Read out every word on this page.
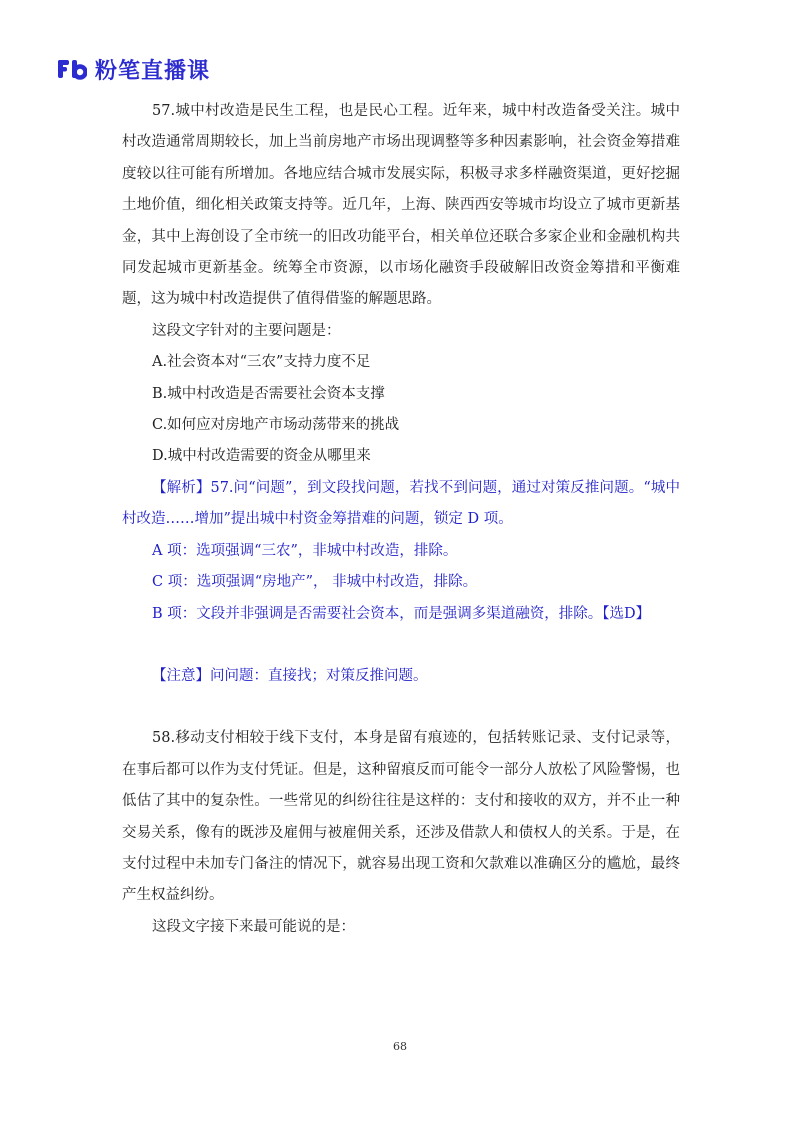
粉笔直播课

57.城中村改造是民生工程，也是民心工程。近年来，城中村改造备受关注。城中村改造通常周期较长，加上当前房地产市场出现调整等多种因素影响，社会资金筹措难度较以往可能有所增加。各地应结合城市发展实际，积极寻求多样融资渠道，更好挖掘土地价值，细化相关政策支持等。近几年，上海、陕西西安等城市均设立了城市更新基金，其中上海创设了全市统一的旧改功能平台，相关单位还联合多家企业和金融机构共同发起城市更新基金。统筹全市资源，以市场化融资手段破解旧改资金筹措和平衡难题，这为城中村改造提供了值得借鉴的解题思路。

这段文字针对的主要问题是：

A.社会资本对“三农”支持力度不足

B.城中村改造是否需要社会资本支撑

C.如何应对房地产市场动荡带来的挑战

D.城中村改造需要的资金从哪里来

【解析】57.问“问题”，到文段找问题，若找不到问题，通过对策反推问题。“城中村改造……增加”提出城中村资金筹措难的问题，锁定 D 项。

A 项：选项强调“三农”，非城中村改造，排除。

C 项：选项强调“房地产”， 非城中村改造，排除。

B 项：文段并非强调是否需要社会资本，而是强调多渠道融资，排除。【选D】

【注意】问问题：直接找；对策反推问题。

58.移动支付相较于线下支付，本身是留有痕迹的，包括转账记录、支付记录等，在事后都可以作为支付凭证。但是，这种留痕反而可能令一部分人放松了风险警惕，也低估了其中的复杂性。一些常见的纠纷往往是这样的：支付和接收的双方，并不止一种交易关系，像有的既涉及雇佣与被雇佣关系，还涉及借款人和债权人的关系。于是，在支付过程中未加专门备注的情况下，就容易出现工资和欠款难以准确区分的尴尬，最终产生权益纠纷。

这段文字接下来最可能说的是：

68
